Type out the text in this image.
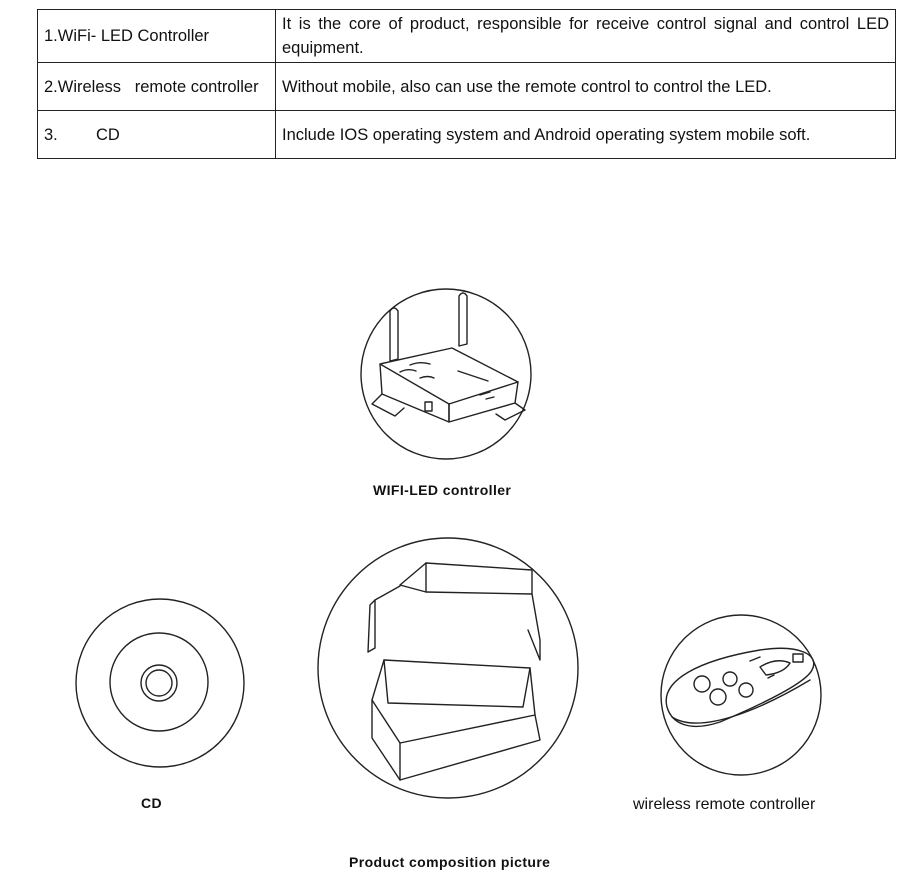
1.WiFi- LED Controller	It is the core of product, responsible for receive control signal and control LED equipment.
2.Wireless   remote controller	Without mobile, also can use the remote control to control the LED.
3. CD	Include IOS operating system and Android operating system mobile soft.
WIFI-LED controller
CD	wireless remote controller
Product composition picture
